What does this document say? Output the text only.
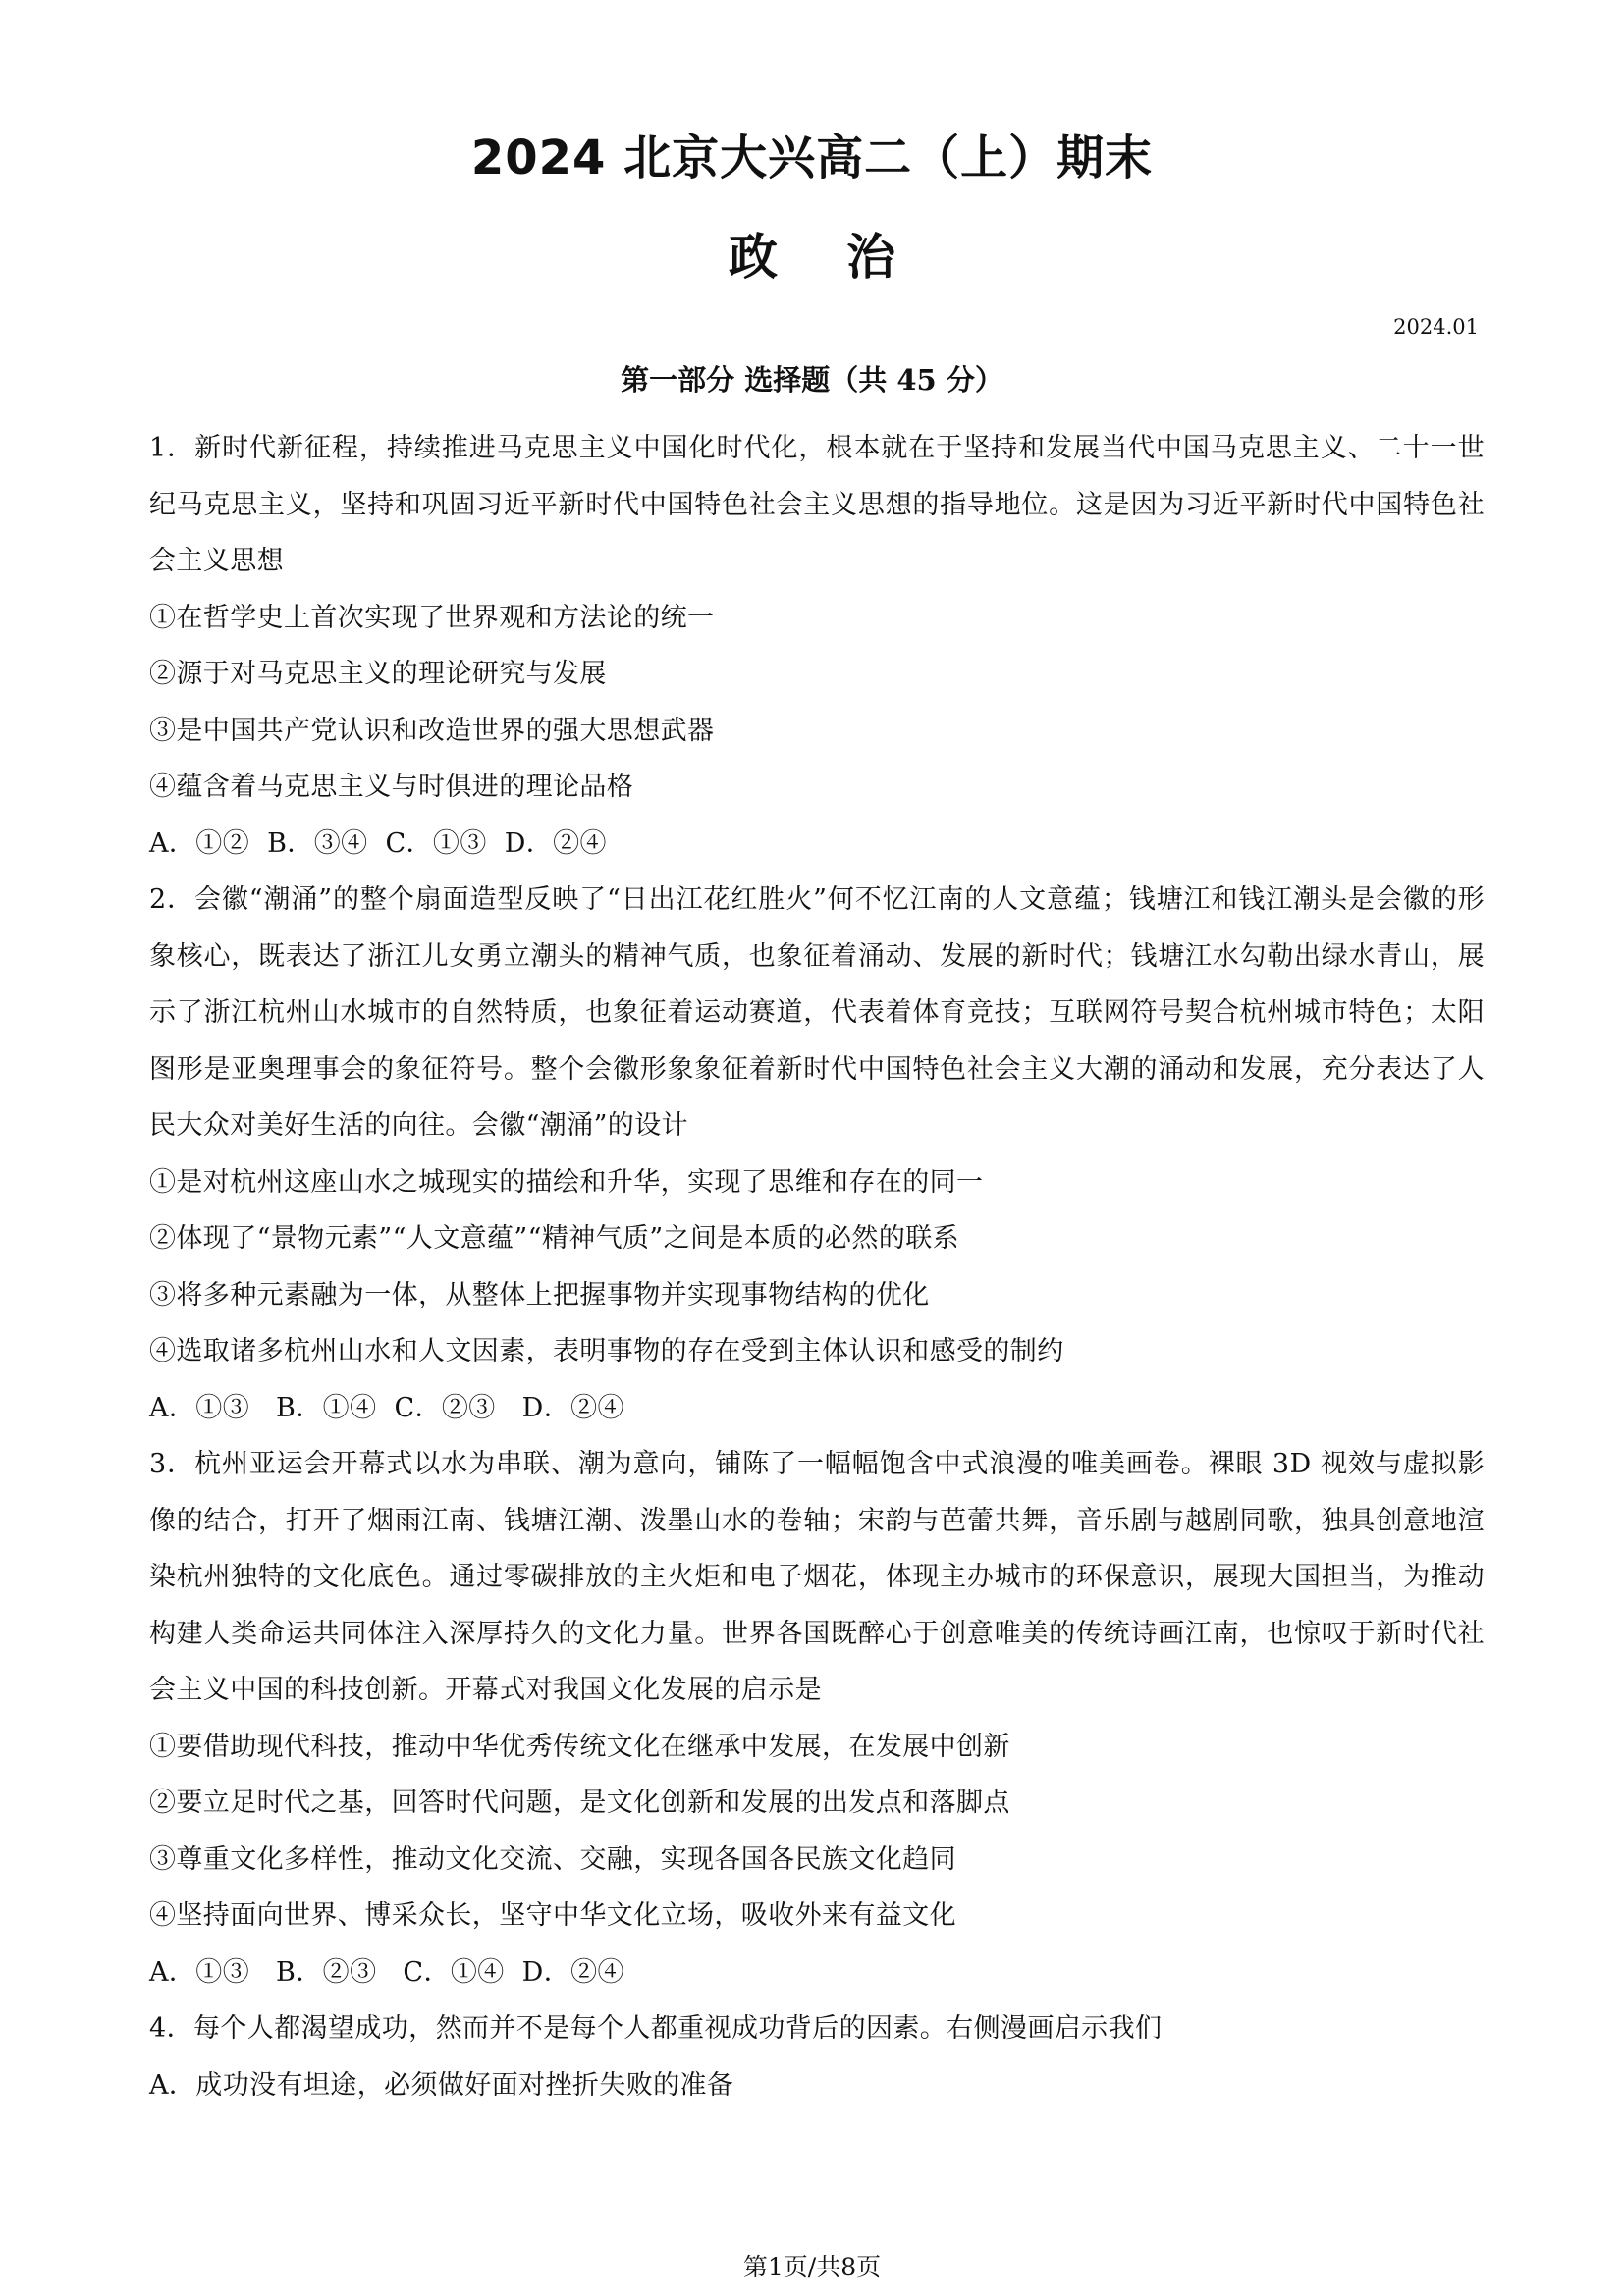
2024 北京大兴高二（上）期末
政治
2024.01
第一部分 选择题（共 45 分）
1．新时代新征程，持续推进马克思主义中国化时代化，根本就在于坚持和发展当代中国马克思主义、二十一世纪马克思主义，坚持和巩固习近平新时代中国特色社会主义思想的指导地位。这是因为习近平新时代中国特色社会主义思想
①在哲学史上首次实现了世界观和方法论的统一
②源于对马克思主义的理论研究与发展
③是中国共产党认识和改造世界的强大思想武器
④蕴含着马克思主义与时俱进的理论品格
A．①②  B．③④  C．①③  D．②④
2．会徽“潮涌”的整个扇面造型反映了“日出江花红胜火”何不忆江南的人文意蕴；钱塘江和钱江潮头是会徽的形象核心，既表达了浙江儿女勇立潮头的精神气质，也象征着涌动、发展的新时代；钱塘江水勾勒出绿水青山，展示了浙江杭州山水城市的自然特质，也象征着运动赛道，代表着体育竞技；互联网符号契合杭州城市特色；太阳图形是亚奥理事会的象征符号。整个会徽形象象征着新时代中国特色社会主义大潮的涌动和发展，充分表达了人民大众对美好生活的向往。会徽“潮涌”的设计
①是对杭州这座山水之城现实的描绘和升华，实现了思维和存在的同一
②体现了“景物元素”“人文意蕴”“精神气质”之间是本质的必然的联系
③将多种元素融为一体，从整体上把握事物并实现事物结构的优化
④选取诸多杭州山水和人文因素，表明事物的存在受到主体认识和感受的制约
A．①③   B．①④  C．②③   D．②④
3．杭州亚运会开幕式以水为串联、潮为意向，铺陈了一幅幅饱含中式浪漫的唯美画卷。裸眼 3D 视效与虚拟影像的结合，打开了烟雨江南、钱塘江潮、泼墨山水的卷轴；宋韵与芭蕾共舞，音乐剧与越剧同歌，独具创意地渲染杭州独特的文化底色。通过零碳排放的主火炬和电子烟花，体现主办城市的环保意识，展现大国担当，为推动构建人类命运共同体注入深厚持久的文化力量。世界各国既醉心于创意唯美的传统诗画江南，也惊叹于新时代社会主义中国的科技创新。开幕式对我国文化发展的启示是
①要借助现代科技，推动中华优秀传统文化在继承中发展，在发展中创新
②要立足时代之基，回答时代问题，是文化创新和发展的出发点和落脚点
③尊重文化多样性，推动文化交流、交融，实现各国各民族文化趋同
④坚持面向世界、博采众长，坚守中华文化立场，吸收外来有益文化
A．①③   B．②③   C．①④  D．②④
4．每个人都渴望成功，然而并不是每个人都重视成功背后的因素。右侧漫画启示我们
A．成功没有坦途，必须做好面对挫折失败的准备
第1页/共8页
